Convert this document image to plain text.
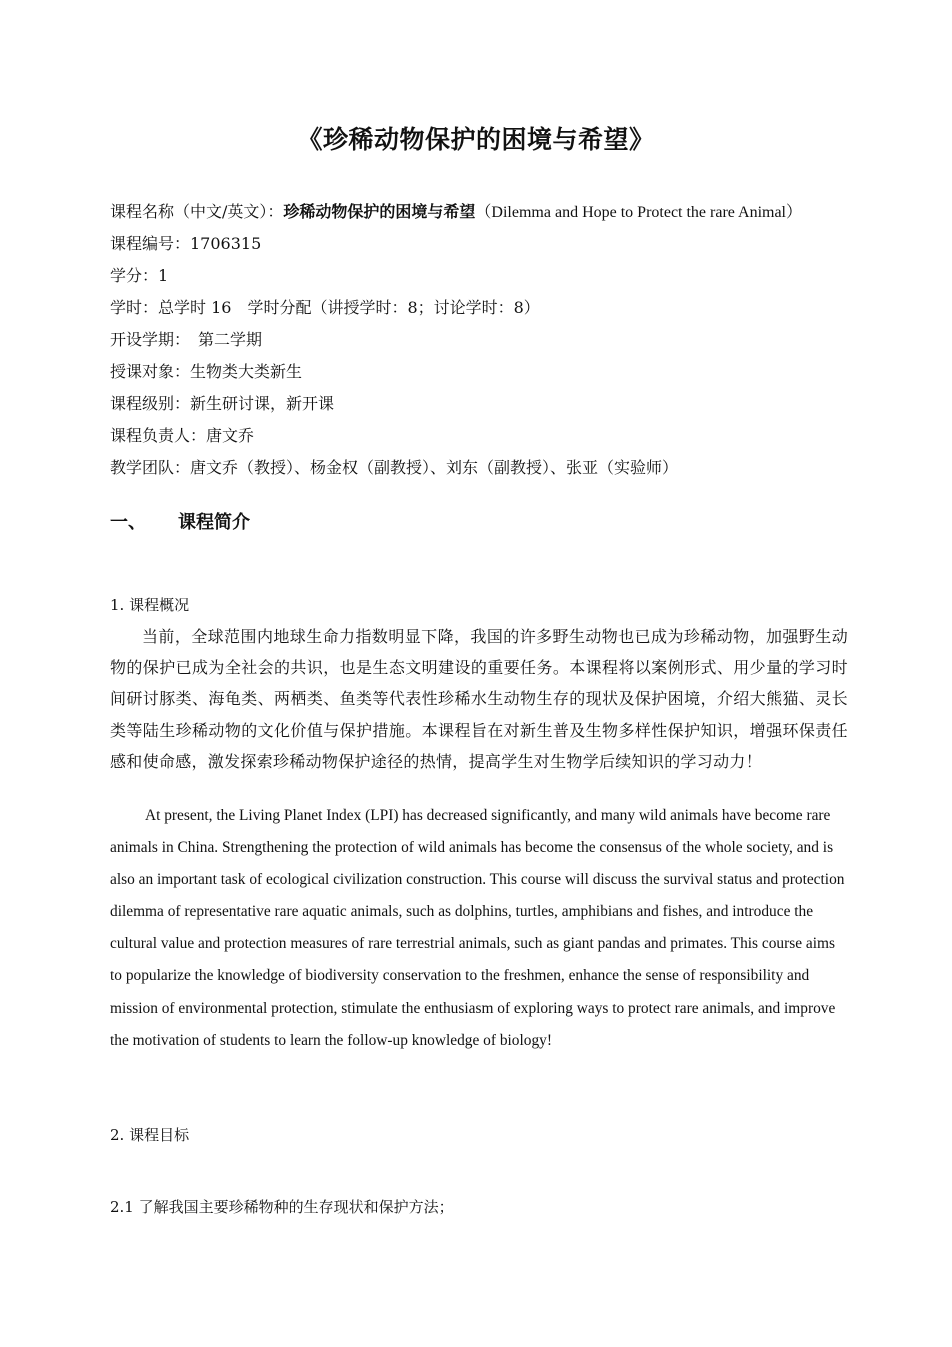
《珍稀动物保护的困境与希望》
课程名称（中文/英文）：珍稀动物保护的困境与希望（Dilemma and Hope to Protect the rare Animal）
课程编号：1706315
学分：1
学时：总学时 16　学时分配（讲授学时：8；讨论学时：8）
开设学期：　第二学期
授课对象：生物类大类新生
课程级别：新生研讨课，新开课
课程负责人：唐文乔
教学团队：唐文乔（教授）、杨金权（副教授）、刘东（副教授）、张亚（实验师）
一、 课程简介
1. 课程概况
当前，全球范围内地球生命力指数明显下降，我国的许多野生动物也已成为珍稀动物，加强野生动物的保护已成为全社会的共识，也是生态文明建设的重要任务。本课程将以案例形式、用少量的学习时间研讨豚类、海龟类、两栖类、鱼类等代表性珍稀水生动物生存的现状及保护困境，介绍大熊猫、灵长类等陆生珍稀动物的文化价值与保护措施。本课程旨在对新生普及生物多样性保护知识，增强环保责任感和使命感，激发探索珍稀动物保护途径的热情，提高学生对生物学后续知识的学习动力！
At present, the Living Planet Index (LPI) has decreased significantly, and many wild animals have become rare animals in China. Strengthening the protection of wild animals has become the consensus of the whole society, and is also an important task of ecological civilization construction. This course will discuss the survival status and protection dilemma of representative rare aquatic animals, such as dolphins, turtles, amphibians and fishes, and introduce the cultural value and protection measures of rare terrestrial animals, such as giant pandas and primates. This course aims to popularize the knowledge of biodiversity conservation to the freshmen, enhance the sense of responsibility and mission of environmental protection, stimulate the enthusiasm of exploring ways to protect rare animals, and improve the motivation of students to learn the follow-up knowledge of biology!
2. 课程目标
2.1 了解我国主要珍稀物种的生存现状和保护方法；
